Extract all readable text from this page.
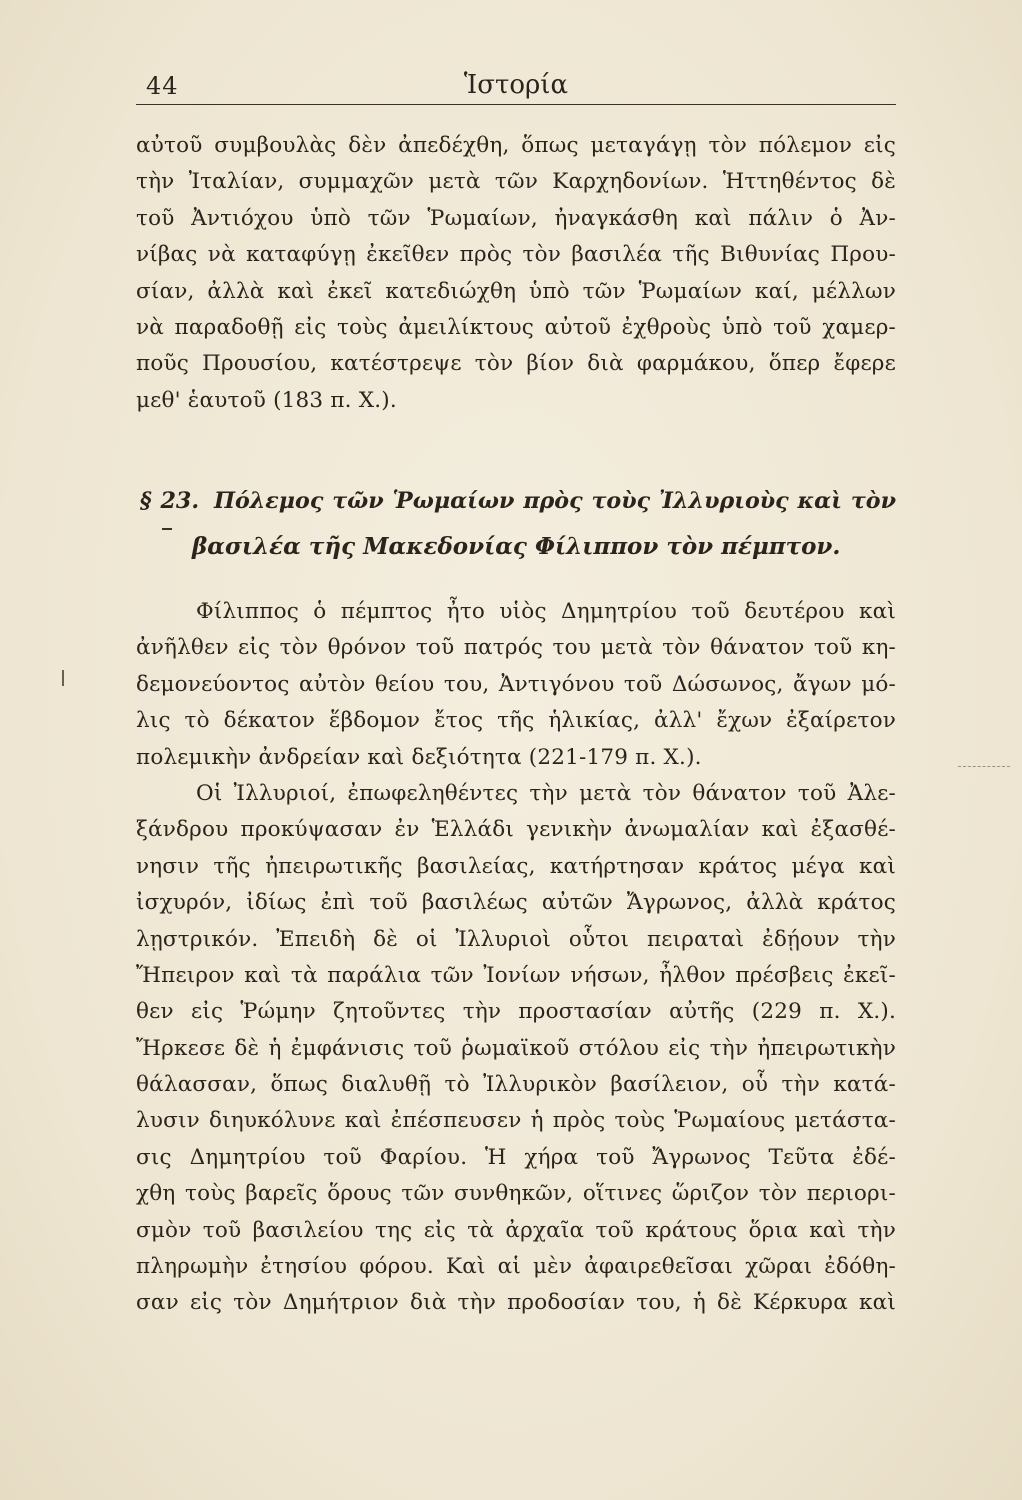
44	Ἱστορία
αὐτοῦ συμβουλὰς δὲν ἀπεδέχθη, ὅπως μεταγάγῃ τὸν πόλεμον εἰς
τὴν Ἰταλίαν, συμμαχῶν μετὰ τῶν Καρχηδονίων. Ἡττηθέντος δὲ
τοῦ Ἀντιόχου ὑπὸ τῶν Ῥωμαίων, ἠναγκάσθη καὶ πάλιν ὁ Ἀν-
νίβας νὰ καταφύγῃ ἐκεῖθεν πρὸς τὸν βασιλέα τῆς Βιθυνίας Πρου-
σίαν, ἀλλὰ καὶ ἐκεῖ κατεδιώχθη ὑπὸ τῶν Ῥωμαίων καί, μέλλων
νὰ παραδοθῇ εἰς τοὺς ἀμειλίκτους αὐτοῦ ἐχθροὺς ὑπὸ τοῦ χαμερ-
ποῦς Προυσίου, κατέστρεψε τὸν βίον διὰ φαρμάκου, ὅπερ ἔφερε
μεθ' ἑαυτοῦ (183 π. Χ.).
§ 23. Πόλεμος τῶν Ῥωμαίων πρὸς τοὺς Ἰλλυριοὺς καὶ τὸν
βασιλέα τῆς Μακεδονίας Φίλιππον τὸν πέμπτον.
Φίλιππος ὁ πέμπτος ἦτο υἱὸς Δημητρίου τοῦ δευτέρου καὶ
ἀνῆλθεν εἰς τὸν θρόνον τοῦ πατρός του μετὰ τὸν θάνατον τοῦ κη-
δεμονεύοντος αὐτὸν θείου του, Ἀντιγόνου τοῦ Δώσωνος, ἄγων μό-
λις τὸ δέκατον ἕβδομον ἔτος τῆς ἡλικίας, ἀλλ' ἔχων ἐξαίρετον
πολεμικὴν ἀνδρείαν καὶ δεξιότητα (221-179 π. Χ.).
Οἱ Ἰλλυριοί, ἐπωφεληθέντες τὴν μετὰ τὸν θάνατον τοῦ Ἀλε-
ξάνδρου προκύψασαν ἐν Ἑλλάδι γενικὴν ἀνωμαλίαν καὶ ἐξασθέ-
νησιν τῆς ἠπειρωτικῆς βασιλείας, κατήρτησαν κράτος μέγα καὶ
ἰσχυρόν, ἰδίως ἐπὶ τοῦ βασιλέως αὐτῶν Ἄγρωνος, ἀλλὰ κράτος
λῃστρικόν. Ἐπειδὴ δὲ οἱ Ἰλλυριοὶ οὗτοι πειραταὶ ἐδῄουν τὴν
Ἤπειρον καὶ τὰ παράλια τῶν Ἰονίων νήσων, ἦλθον πρέσβεις ἐκεῖ-
θεν εἰς Ῥώμην ζητοῦντες τὴν προστασίαν αὐτῆς (229 π. Χ.).
Ἤρκεσε δὲ ἡ ἐμφάνισις τοῦ ῥωμαϊκοῦ στόλου εἰς τὴν ἠπειρωτικὴν
θάλασσαν, ὅπως διαλυθῇ τὸ Ἰλλυρικὸν βασίλειον, οὗ τὴν κατά-
λυσιν διηυκόλυνε καὶ ἐπέσπευσεν ἡ πρὸς τοὺς Ῥωμαίους μετάστα-
σις Δημητρίου τοῦ Φαρίου. Ἡ χήρα τοῦ Ἄγρωνος Τεῦτα ἐδέ-
χθη τοὺς βαρεῖς ὅρους τῶν συνθηκῶν, οἵτινες ὥριζον τὸν περιορι-
σμὸν τοῦ βασιλείου της εἰς τὰ ἀρχαῖα τοῦ κράτους ὅρια καὶ τὴν
πληρωμὴν ἐτησίου φόρου. Καὶ αἱ μὲν ἀφαιρεθεῖσαι χῶραι ἐδόθη-
σαν εἰς τὸν Δημήτριον διὰ τὴν προδοσίαν του, ἡ δὲ Κέρκυρα καὶ
